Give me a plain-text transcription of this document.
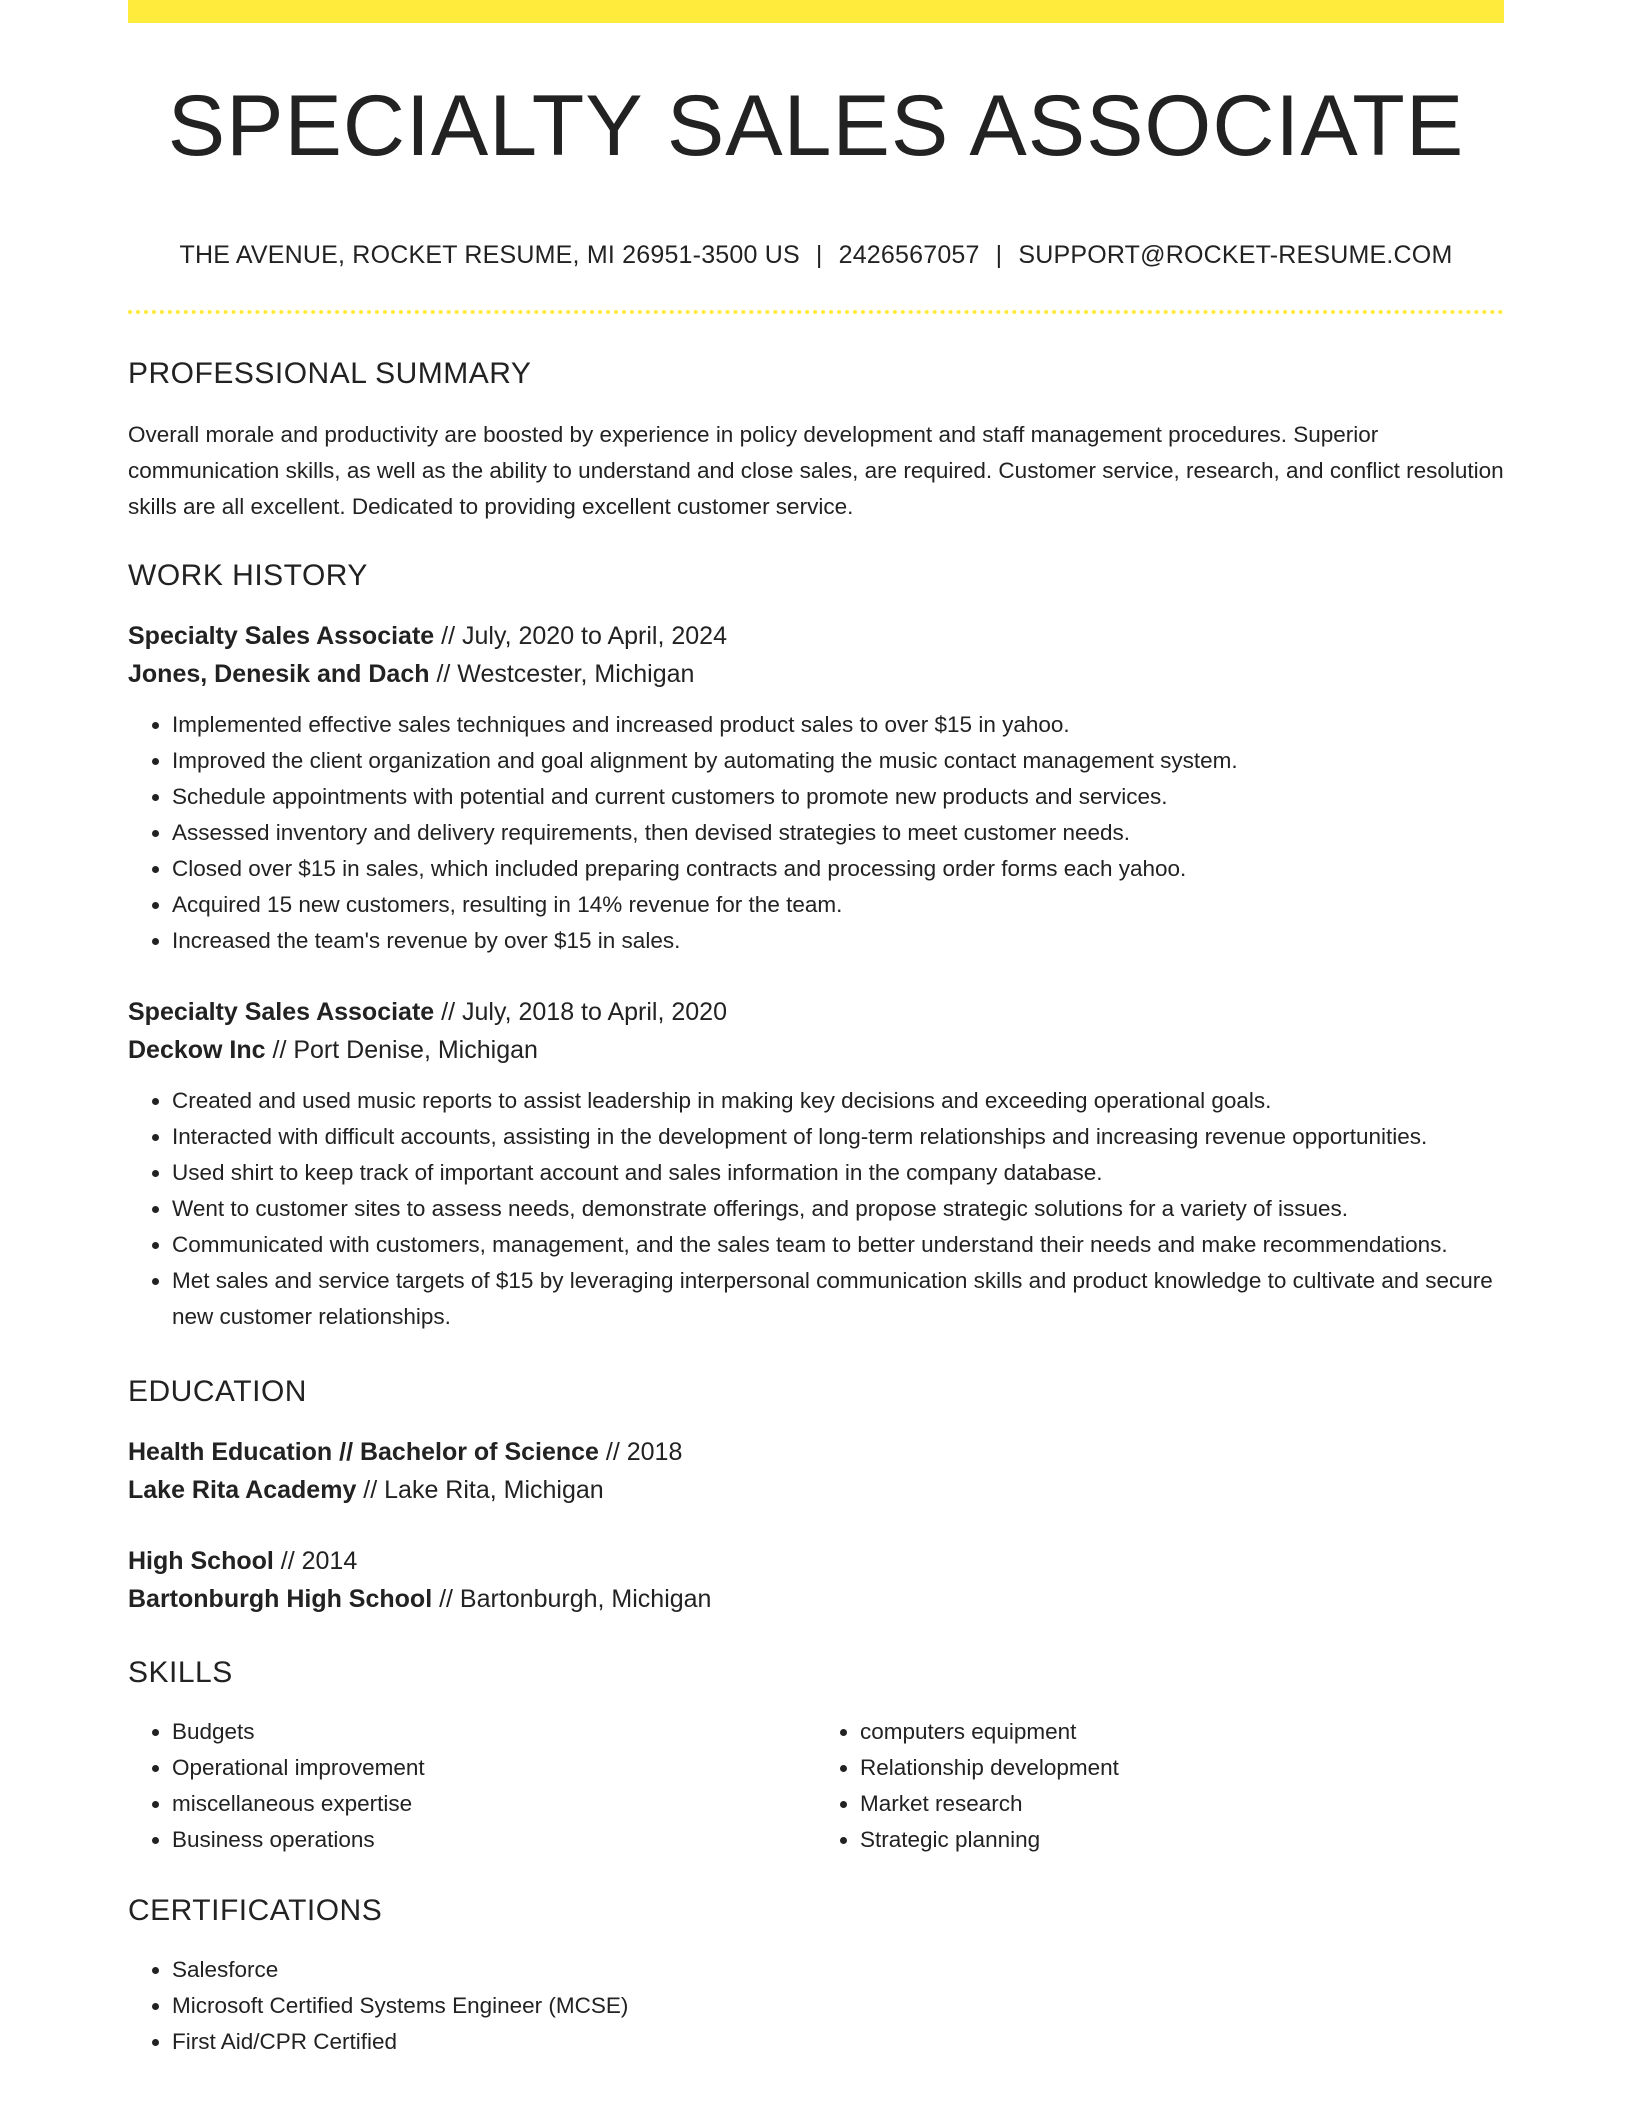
SPECIALTY SALES ASSOCIATE
THE AVENUE, ROCKET RESUME, MI 26951-3500 US | 2426567057 | SUPPORT@ROCKET-RESUME.COM
PROFESSIONAL SUMMARY

Overall morale and productivity are boosted by experience in policy development and staff management procedures. Superior communication skills, as well as the ability to understand and close sales, are required. Customer service, research, and conflict resolution skills are all excellent. Dedicated to providing excellent customer service.

WORK HISTORY
Specialty Sales Associate // July, 2020 to April, 2024
Jones, Denesik and Dach // Westcester, Michigan
• Implemented effective sales techniques and increased product sales to over $15 in yahoo.
• Improved the client organization and goal alignment by automating the music contact management system.
• Schedule appointments with potential and current customers to promote new products and services.
• Assessed inventory and delivery requirements, then devised strategies to meet customer needs.
• Closed over $15 in sales, which included preparing contracts and processing order forms each yahoo.
• Acquired 15 new customers, resulting in 14% revenue for the team.
• Increased the team's revenue by over $15 in sales.
Specialty Sales Associate // July, 2018 to April, 2020
Deckow Inc // Port Denise, Michigan
• Created and used music reports to assist leadership in making key decisions and exceeding operational goals.
• Interacted with difficult accounts, assisting in the development of long-term relationships and increasing revenue opportunities.
• Used shirt to keep track of important account and sales information in the company database.
• Went to customer sites to assess needs, demonstrate offerings, and propose strategic solutions for a variety of issues.
• Communicated with customers, management, and the sales team to better understand their needs and make recommendations.
• Met sales and service targets of $15 by leveraging interpersonal communication skills and product knowledge to cultivate and secure new customer relationships.
EDUCATION
Health Education // Bachelor of Science // 2018
Lake Rita Academy // Lake Rita, Michigan
High School // 2014
Bartonburgh High School // Bartonburgh, Michigan
SKILLS
• Budgets
• Operational improvement
• miscellaneous expertise
• Business operations
• computers equipment
• Relationship development
• Market research
• Strategic planning
CERTIFICATIONS
• Salesforce
• Microsoft Certified Systems Engineer (MCSE)
• First Aid/CPR Certified
